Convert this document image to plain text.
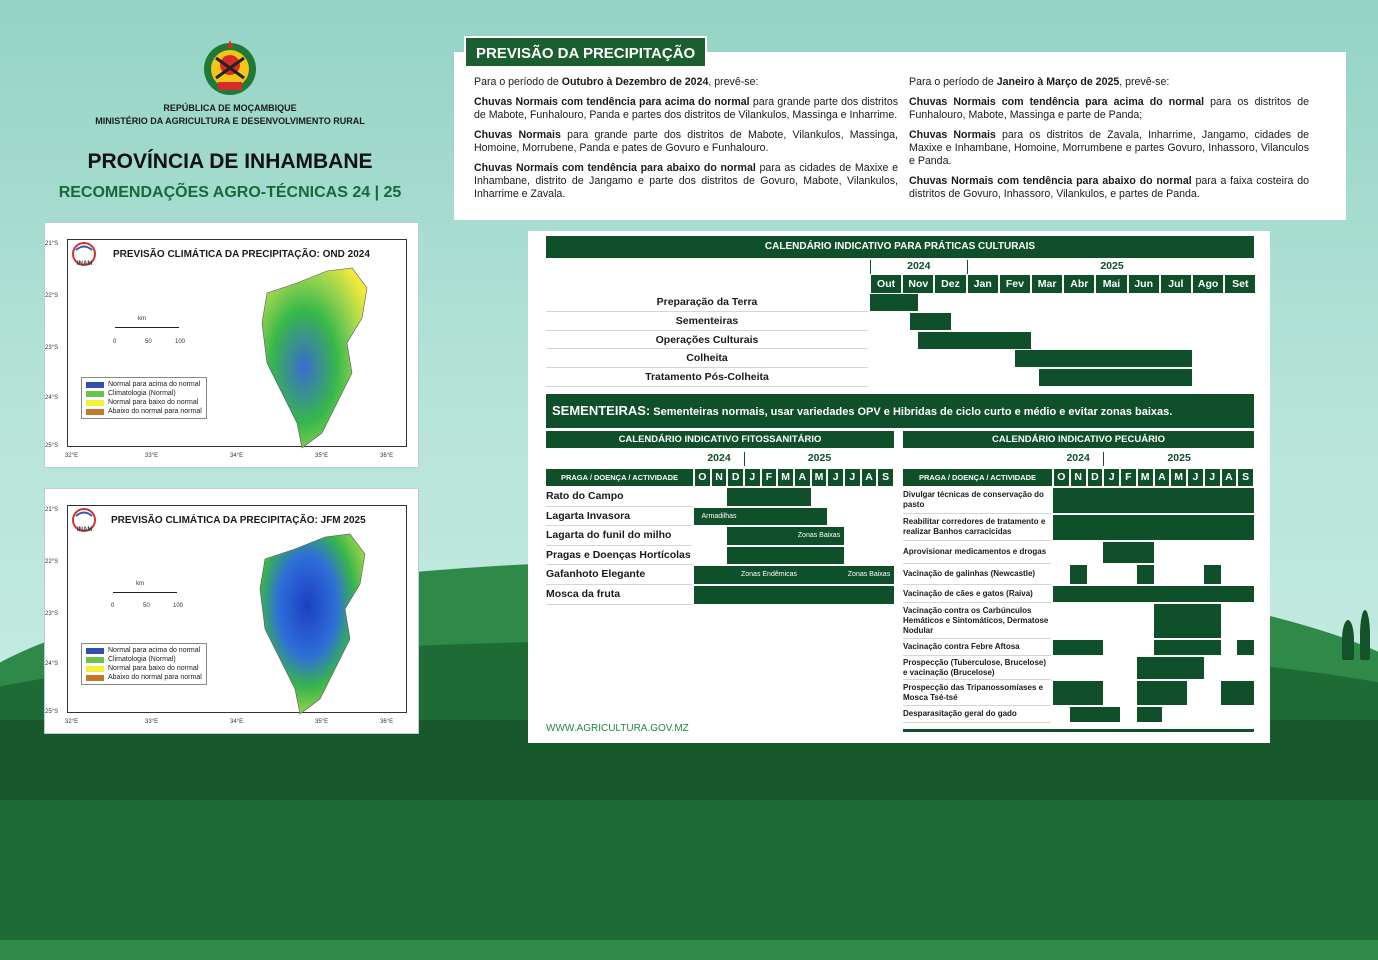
REPÚBLICA DE MOÇAMBIQUE
MINISTÉRIO DA AGRICULTURA E DESENVOLVIMENTO RURAL
PROVÍNCIA DE INHAMBANE
RECOMENDAÇÕES AGRO-TÉCNICAS 24 | 25
INAM
PREVISÃO CLIMÁTICA DA PRECIPITAÇÃO: OND 2024
21°S
22°S
23°S
24°S
25°S
32°E	33°E	34°E	35°E	36°E
km
0	50	100
Normal para acima do normal
Climatologia (Normal)
Normal para baixo do normal
Abaixo do normal para normal
INAM
PREVISÃO CLIMÁTICA DA PRECIPITAÇÃO: JFM 2025
21°S
22°S
23°S
24°S
25°S
32°E	33°E	34°E	35°E	36°E
km
0	50	100
Normal para acima do normal
Climatologia (Normal)
Normal para baixo do normal
Abaixo do normal para normal

Para o período de Outubro à Dezembro de 2024, prevê-se:

Chuvas Normais com tendência para acima do normal para grande parte dos distritos de Mabote, Funhalouro, Panda e partes dos distritos de Vilankulos, Massinga e Inharrime.

Chuvas Normais para grande parte dos distritos de Mabote, Vilankulos, Massinga, Homoine, Morrubene, Panda e pates de Govuro e Funhalouro.

Chuvas Normais com tendência para abaixo do normal para as cidades de Maxixe e Inhambane, distrito de Jangamo e parte dos distritos de Govuro, Mabote, Vilankulos, Inharrime e Zavala.

Para o período de Janeiro à Março de 2025, prevê-se:

Chuvas Normais com tendência para acima do normal para os distritos de Funhalouro, Mabote, Massinga e parte de Panda;

Chuvas Normais para os distritos de Zavala, Inharrime, Jangamo, cidades de Maxixe e Inhambane, Homoine, Morrumbene e partes Govuro, Inhassoro, Vilanculos e Panda.

Chuvas Normais com tendência para abaixo do normal para a faixa costeira do distritos de Govuro, Inhassoro, Vilankulos, e partes de Panda.

PREVISÃO DA PRECIPITAÇÃO
CALENDÁRIO INDICATIVO PARA PRÁTICAS CULTURAIS
2024	2025
Out	Nov	Dez	Jan	Fev	Mar	Abr	Mai	Jun	Jul	Ago	Set
Preparação da Terra
Sementeiras
Operações Culturais
Colheita
Tratamento Pós-Colheita
SEMENTEIRAS: Sementeiras normais, usar variedades OPV e Hibridas de ciclo curto e médio e evitar zonas baixas.
CALENDÁRIO INDICATIVO FITOSSANITÁRIO
2024	2025
PRAGA / DOENÇA / ACTIVIDADE	O N D J	F M A M J	J A S
Rato do Campo
Lagarta Invasora	Armadilhas
Lagarta do funil do milho	Zonas Baixas
Pragas e Doenças Hortícolas
Gafanhoto Elegante	Zonas Endêmicas	Zonas Baixas
Mosca da fruta
CALENDÁRIO INDICATIVO PECUÁRIO
2024	2025
PRAGA / DOENÇA / ACTIVIDADE	O N D J	F M A M J	J A S
Divulgar técnicas de conservação do pasto
Reabilitar corredores de tratamento e realizar Banhos carracicidas
Aprovisionar medicamentos e drogas
Vacinação de galinhas (Newcastle)
Vacinação de cães e gatos (Raiva)
Vacinação contra os Carbúnculos Hemáticos e Sintomáticos, Dermatose Nodular
Vacinação contra Febre Aftosa
Prospecção (Tuberculose, Brucelose) e vacinação (Brucelose)
Prospecção das Tripanossomíases e Mosca Tsé-tsé
Desparasitação geral do gado
WWW.AGRICULTURA.GOV.MZ
